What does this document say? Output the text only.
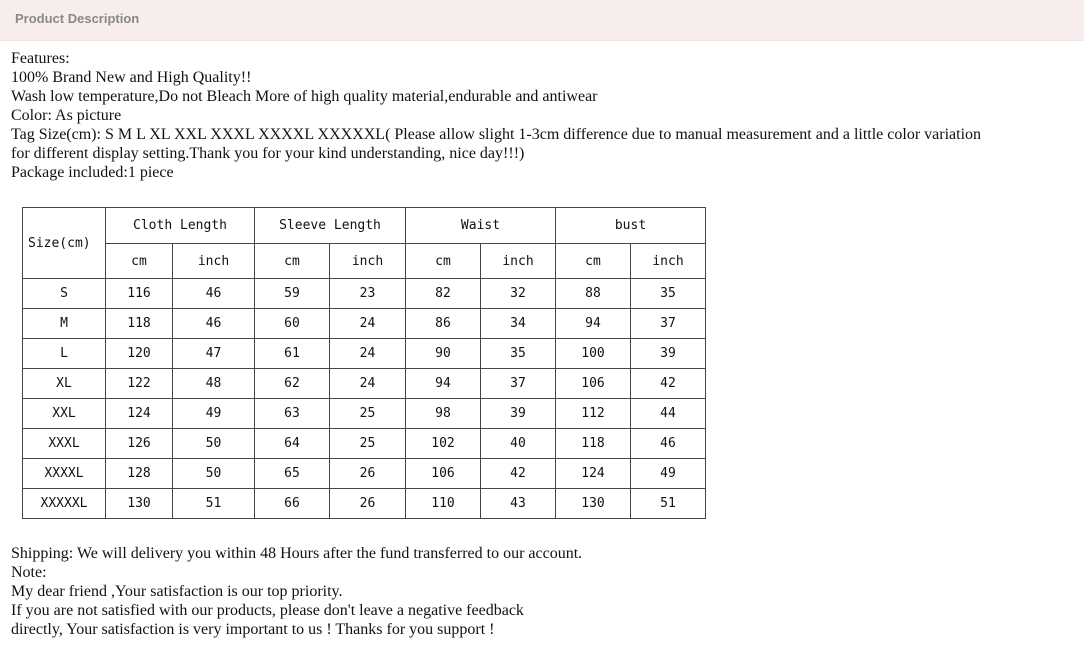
Product Description
Features:
100% Brand New and High Quality!!
Wash low temperature,Do not Bleach More of high quality material,endurable and antiwear
Color: As picture
Tag Size(cm): S M L XL XXL XXXL XXXXL XXXXXL( Please allow slight 1-3cm difference due to manual measurement and a little color variation
for different display setting.Thank you for your kind understanding, nice day!!!)
Package included:1 piece
Size(cm)	Cloth Length		Sleeve Length		Waist		bust	
	cm	inch	cm	inch	cm	inch	cm	inch
S	116	46	59	23	82	32	88	35
M	118	46	60	24	86	34	94	37
L	120	47	61	24	90	35	100	39
XL	122	48	62	24	94	37	106	42
XXL	124	49	63	25	98	39	112	44
XXXL	126	50	64	25	102	40	118	46
XXXXL	128	50	65	26	106	42	124	49
XXXXXL	130	51	66	26	110	43	130	51
Shipping: We will delivery you within 48 Hours after the fund transferred to our account.
Note:
My dear friend ,Your satisfaction is our top priority.
If you are not satisfied with our products, please don't leave a negative feedback
directly, Your satisfaction is very important to us ! Thanks for you support !
